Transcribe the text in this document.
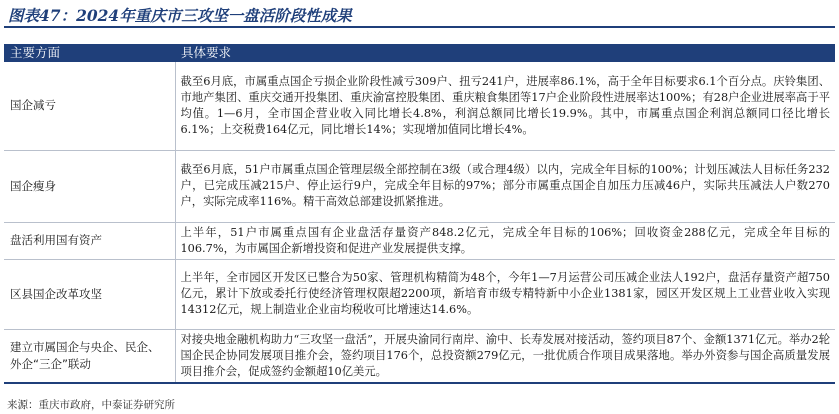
图表47：2024年重庆市三攻坚一盘活阶段性成果
主要方面	具体要求
国企减亏	截至6月底，市属重点国企亏损企业阶段性减亏309户、扭亏241户，进展率86.1%，高于全年目标要求6.1个百分点。庆铃集团、市地产集团、重庆交通开投集团、重庆渝富控股集团、重庆粮食集团等17户企业阶段性进展率达100%；有28户企业进展率高于平均值。1—6月，全市国企营业收入同比增长4.8%，利润总额同比增长19.9%。其中，市属重点国企利润总额同口径比增长6.1%；上交税费164亿元，同比增长14%；实现增加值同比增长4%。
国企瘦身	截至6月底，51户市属重点国企管理层级全部控制在3级（或合理4级）以内，完成全年目标的100%；计划压减法人目标任务232户，已完成压减215户、停止运行9户，完成全年目标的97%；部分市属重点国企自加压力压减46户，实际共压减法人户数270户，实际完成率116%。精干高效总部建设抓紧推进。
盘活利用国有资产	上半年，51户市属重点国有企业盘活存量资产848.2亿元，完成全年目标的106%；回收资金288亿元，完成全年目标的106.7%，为市属国企新增投资和促进产业发展提供支撑。
区县国企改革攻坚	上半年，全市园区开发区已整合为50家、管理机构精简为48个，今年1—7月运营公司压减企业法人192户，盘活存量资产超750亿元，累计下放或委托行使经济管理权限超2200项，新培育市级专精特新中小企业1381家，园区开发区规上工业营业收入实现14312亿元，规上制造业企业亩均税收可比增速达14.6%。
建立市属国企与央企、民企、外企“三企”联动	对接央地金融机构助力“三攻坚一盘活”，开展央渝同行南岸、渝中、长寿发展对接活动，签约项目87个、金额1371亿元。举办2轮国企民企协同发展项目推介会，签约项目176个，总投资额279亿元，一批优质合作项目成果落地。举办外资参与国企高质量发展项目推介会，促成签约金额超10亿美元。
来源：重庆市政府，中泰证券研究所
